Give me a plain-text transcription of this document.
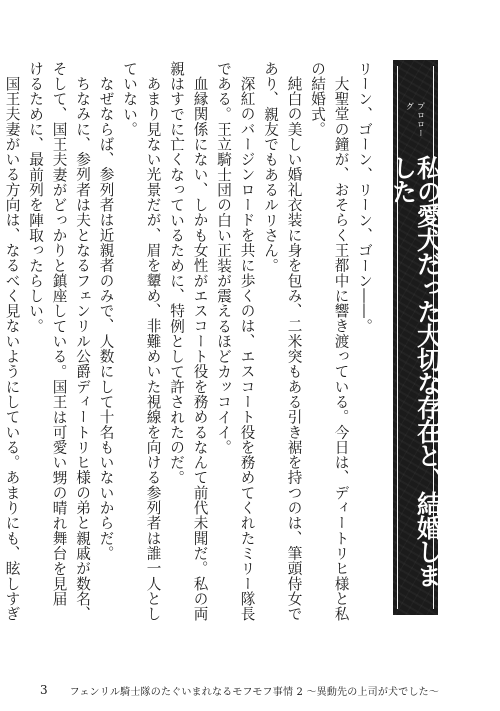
プロローグ
私の愛犬だった大切な存在と、結婚しました

リーン、ゴーン、リーン、ゴーン――。

大聖堂の鐘が、おそらく王都中に響き渡っている。今日は、ディートリヒ様と私の結婚式。

純白の美しい婚礼衣装に身を包み、二米突もある引き裾を持つのは、筆頭侍女であり、親友でもあるルリさん。

深紅のバージンロードを共に歩くのは、エスコート役を務めてくれたミリー隊長である。王立騎士団の白い正装が震えるほどカッコイイ。

血縁関係にない、しかも女性がエスコート役を務めるなんて前代未聞だ。私の両親はすでに亡くなっているために、特例として許されたのだ。

あまり見ない光景だが、眉を顰め、非難めいた視線を向ける参列者は誰一人としていない。

なぜならば、参列者は近親者のみで、人数にして十名もいないからだ。

ちなみに、参列者は夫となるフェンリル公爵ディートリヒ様の弟と親戚が数名、そして、国王夫妻がどっかりと鎮座している。国王は可愛い甥の晴れ舞台を見届けるために、最前列を陣取ったらしい。

国王夫妻がいる方向は、なるべく見ないようにしている。あまりにも、眩しすぎ

3 フェンリル騎士隊のたぐいまれなるモフモフ事情 2 ～異動先の上司が犬でした～
